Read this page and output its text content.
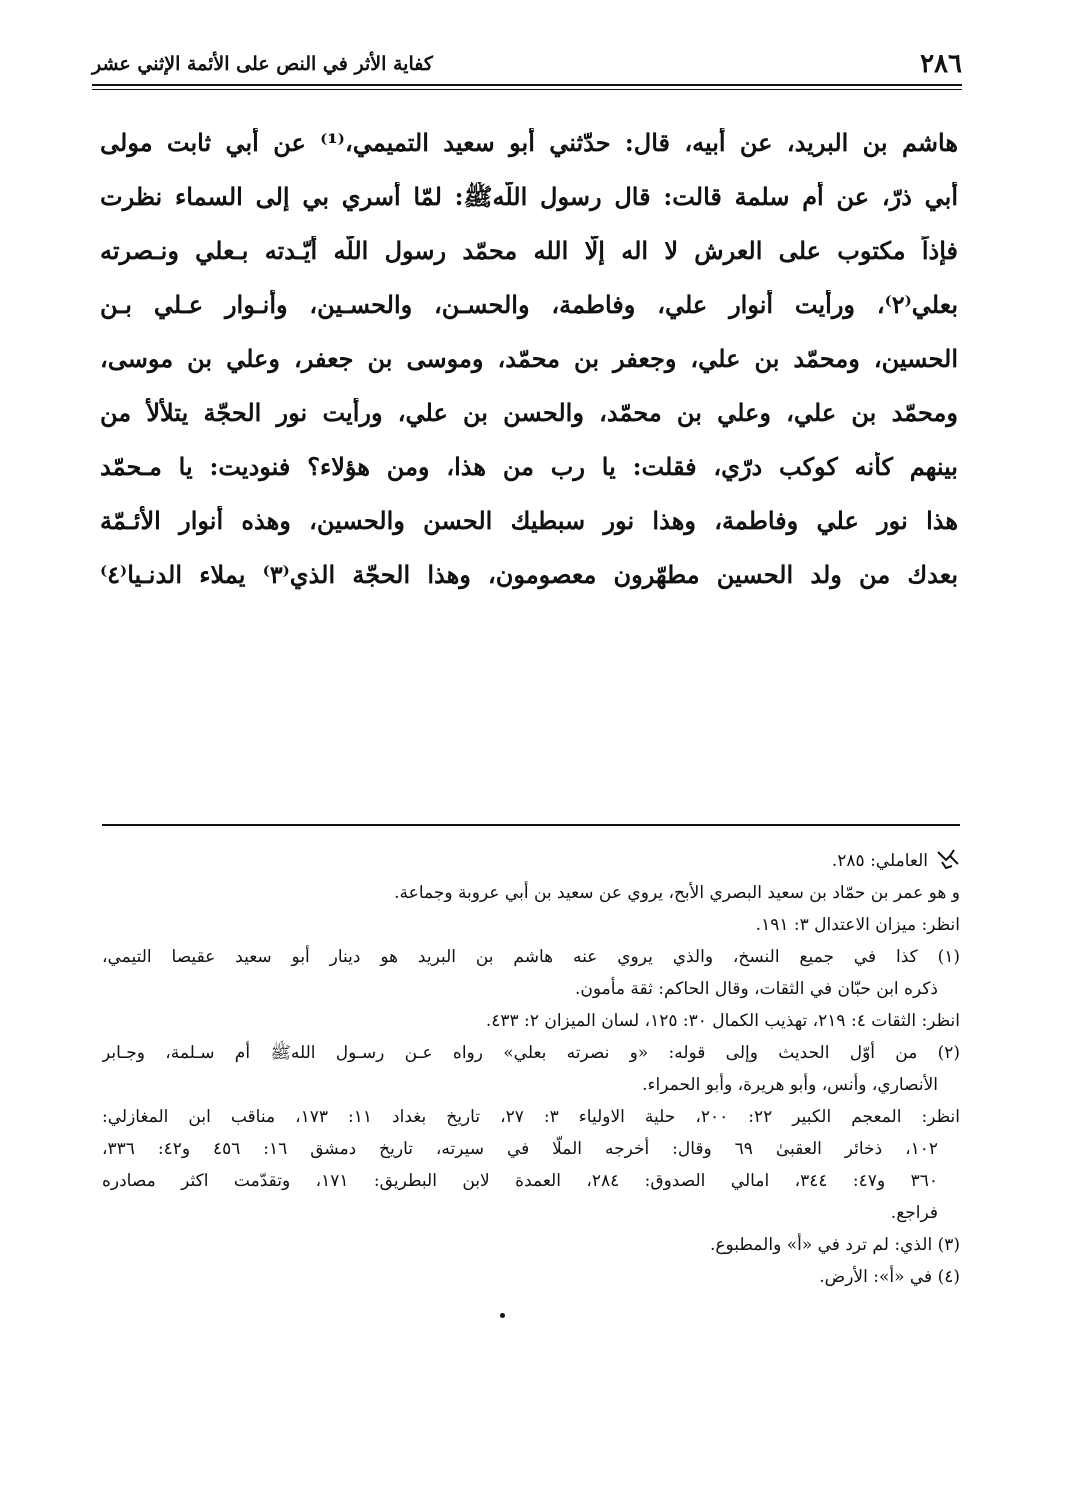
٢٨٦
كفاية الأثر في النص على الأئمة الإثني عشر

هاشم بن البريد، عن أبيه، قال: حدّثني أبو سعيد التميمي،⁽¹⁾ عن أبي ثابت مولى

أبي ذرّ، عن أم سلمة قالت: قال رسول اللّهﷺ: لمّا أسري بي إلى السماء نظرت

فإذاً مكتوب على العرش لا اله إلّا الله محمّد رسول اللّه أيّـدته بـعلي ونـصرته

بعلي⁽٢⁾، ورأيت أنوار علي، وفاطمة، والحسـن، والحسـين، وأنـوار عـلي بـن

الحسين، ومحمّد بن علي، وجعفر بن محمّد، وموسى بن جعفر، وعلي بن موسى،

ومحمّد بن علي، وعلي بن محمّد، والحسن بن علي، ورأيت نور الحجّة يتلألأ من

بينهم كأنه كوكب درّي، فقلت: يا رب من هذا، ومن هؤلاء؟ فنوديت: يا مـحمّد

هذا نور علي وفاطمة، وهذا نور سبطيك الحسن والحسين، وهذه أنوار الأئـمّة

بعدك من ولد الحسين مطهّرون معصومون، وهذا الحجّة الذي⁽٣⁾ يملاء الدنـيا⁽٤⁾

العاملي: ٢٨٥.

و هو عمر بن حمّاد بن سعيد البصري الأبح، يروي عن سعيد بن أبي عروبة وجماعة.

انظر: ميزان الاعتدال ٣: ١٩١.

(١) كذا في جميع النسخ، والذي يروي عنه هاشم بن البريد هو دينار أبو سعيد عقيصا التيمي،

ذكره ابن حبّان في الثقات، وقال الحاكم: ثقة مأمون.

انظر: الثقات ٤: ٢١٩، تهذيب الكمال ٣٠: ١٢٥، لسان الميزان ٢: ٤٣٣.

(٢) من أوّل الحديث وإلى قوله: «و نصرته بعلي» رواه عـن رسـول اللهﷺ أم سـلمة، وجـابر

الأنصاري، وأنس، وأبو هريرة، وأبو الحمراء.

انظر: المعجم الكبير ٢٢: ٢٠٠، حلية الاولياء ٣: ٢٧، تاريخ بغداد ١١: ١٧٣، مناقب ابن المغازلي:

١٠٢، ذخائر العقبىٰ ٦٩ وقال: أخرجه الملّا في سيرته، تاريخ دمشق ١٦: ٤٥٦ و٤٢: ٣٣٦،

٣٦٠ و٤٧: ٣٤٤، امالي الصدوق: ٢٨٤، العمدة لابن البطريق: ١٧١، وتقدّمت اكثر مصادره

فراجع.

(٣) الذي: لم ترد في «أ» والمطبوع.

(٤) في «أ»: الأرض.
